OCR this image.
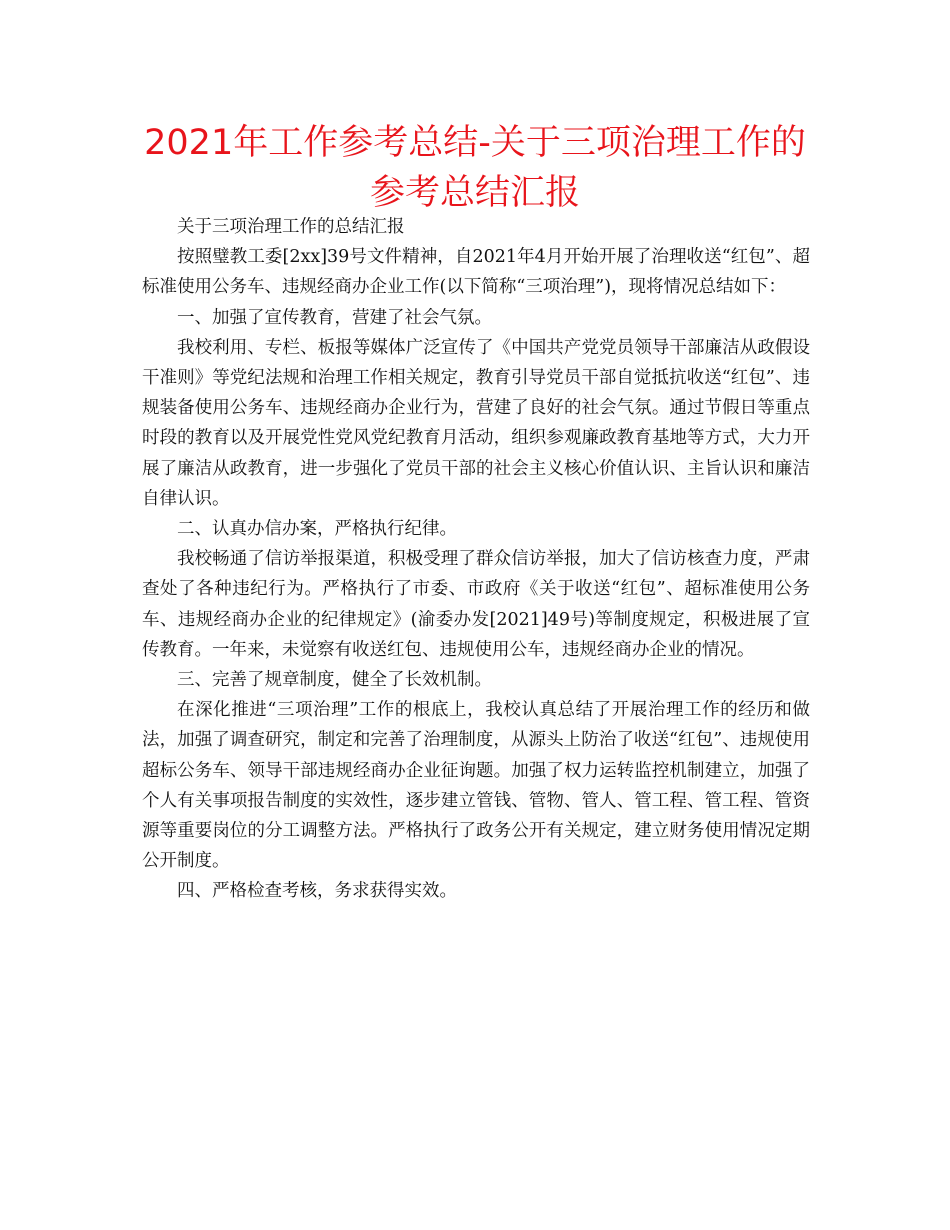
2021年工作参考总结-关于三项治理工作的参考总结汇报

关于三项治理工作的总结汇报

按照璧教工委[2xx]39号文件精神，自2021年4月开始开展了治理收送“红包”、超标准使用公务车、违规经商办企业工作(以下简称“三项治理”)，现将情况总结如下：

一、加强了宣传教育，营建了社会气氛。

我校利用、专栏、板报等媒体广泛宣传了《中国共产党党员领导干部廉洁从政假设干准则》等党纪法规和治理工作相关规定，教育引导党员干部自觉抵抗收送“红包”、违规装备使用公务车、违规经商办企业行为，营建了良好的社会气氛。通过节假日等重点时段的教育以及开展党性党风党纪教育月活动，组织参观廉政教育基地等方式，大力开展了廉洁从政教育，进一步强化了党员干部的社会主义核心价值认识、主旨认识和廉洁自律认识。

二、认真办信办案，严格执行纪律。

我校畅通了信访举报渠道，积极受理了群众信访举报，加大了信访核查力度，严肃查处了各种违纪行为。严格执行了市委、市政府《关于收送“红包”、超标准使用公务车、违规经商办企业的纪律规定》(渝委办发[2021]49号)等制度规定，积极进展了宣传教育。一年来，未觉察有收送红包、违规使用公车，违规经商办企业的情况。

三、完善了规章制度，健全了长效机制。

在深化推进“三项治理”工作的根底上，我校认真总结了开展治理工作的经历和做法，加强了调查研究，制定和完善了治理制度，从源头上防治了收送“红包”、违规使用超标公务车、领导干部违规经商办企业征询题。加强了权力运转监控机制建立，加强了个人有关事项报告制度的实效性，逐步建立管钱、管物、管人、管工程、管工程、管资源等重要岗位的分工调整方法。严格执行了政务公开有关规定，建立财务使用情况定期公开制度。

四、严格检查考核，务求获得实效。
